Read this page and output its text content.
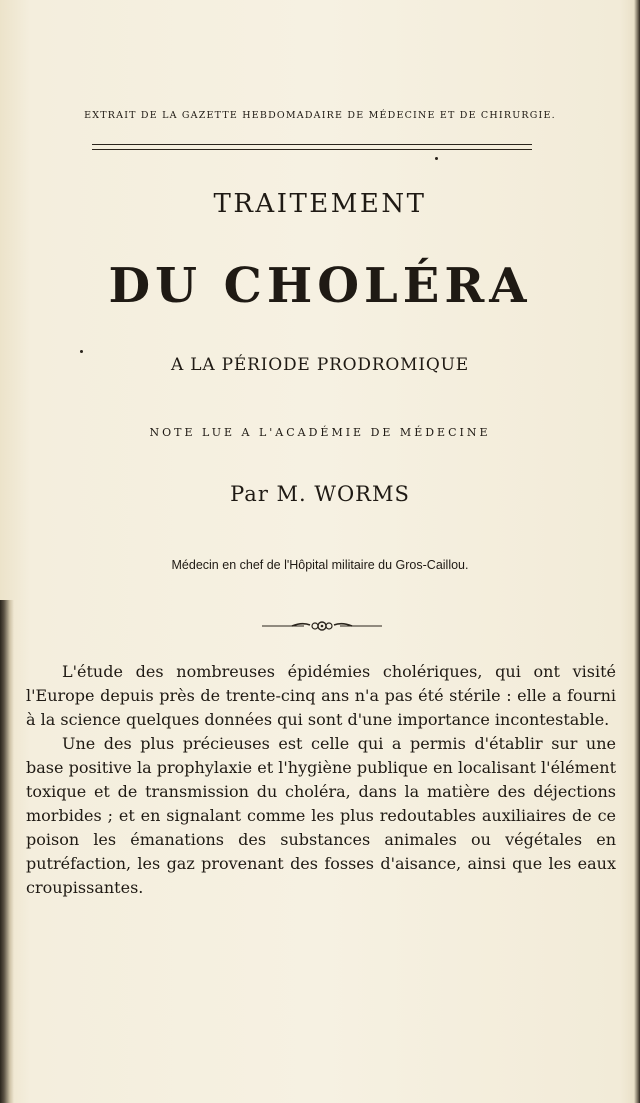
EXTRAIT DE LA GAZETTE HEBDOMADAIRE DE MÉDECINE ET DE CHIRURGIE.
TRAITEMENT
DU CHOLÉRA
A LA PÉRIODE PRODROMIQUE
NOTE LUE A L'ACADÉMIE DE MÉDECINE
Par M. WORMS
Médecin en chef de l'Hôpital militaire du Gros-Caillou.

L'étude des nombreuses épidémies cholériques, qui ont visité l'Europe depuis près de trente-cinq ans n'a pas été stérile : elle a fourni à la science quelques données qui sont d'une importance incontestable.

Une des plus précieuses est celle qui a permis d'établir sur une base positive la prophylaxie et l'hygiène publique en localisant l'élément toxique et de transmission du choléra, dans la matière des déjections morbides ; et en signalant comme les plus redoutables auxiliaires de ce poison les émanations des substances animales ou végétales en putréfaction, les gaz provenant des fosses d'aisance, ainsi que les eaux croupissantes.
